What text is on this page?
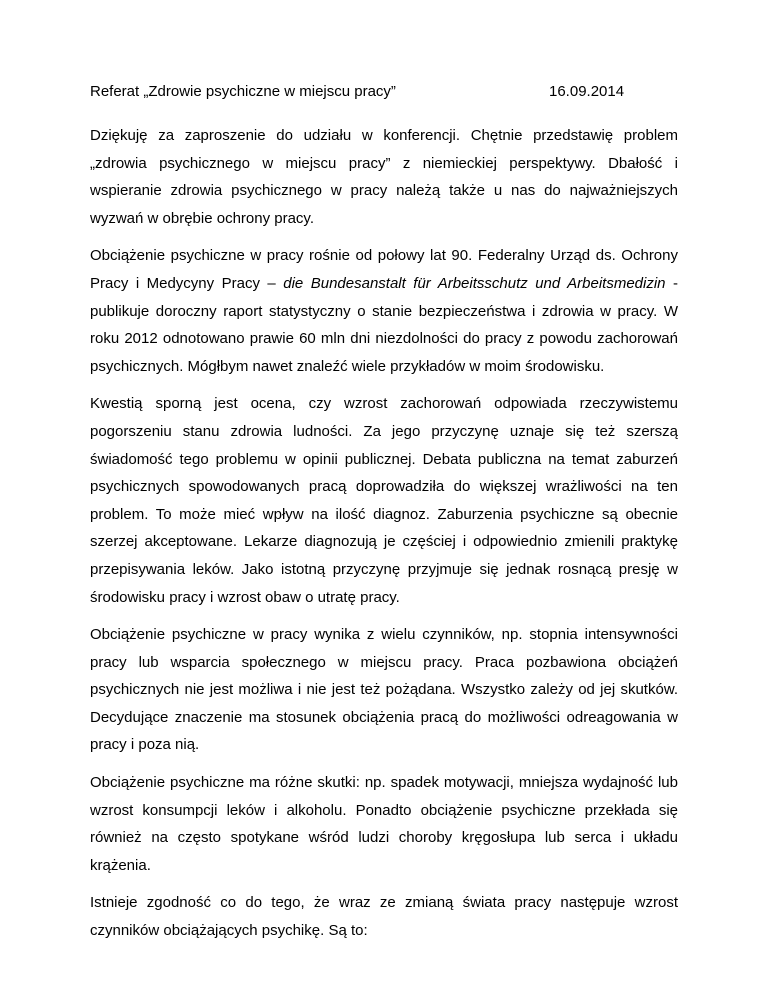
Referat „Zdrowie psychiczne w miejscu pracy”	16.09.2014

Dziękuję za zaproszenie do udziału w konferencji. Chętnie przedstawię problem „zdrowia psychicznego w miejscu pracy” z niemieckiej perspektywy. Dbałość i wspieranie zdrowia psychicznego w pracy należą także u nas do najważniejszych wyzwań w obrębie ochrony pracy.

Obciążenie psychiczne w pracy rośnie od połowy lat 90. Federalny Urząd ds. Ochrony Pracy i Medycyny Pracy – die Bundesanstalt für Arbeitsschutz und Arbeitsmedizin - publikuje doroczny raport statystyczny o stanie bezpieczeństwa i zdrowia w pracy. W roku 2012 odnotowano prawie 60 mln dni niezdolności do pracy z powodu zachorowań psychicznych. Mógłbym nawet znaleźć wiele przykładów w moim środowisku.

Kwestią sporną jest ocena, czy wzrost zachorowań odpowiada rzeczywistemu pogorszeniu stanu zdrowia ludności. Za jego przyczynę uznaje się też szerszą świadomość tego problemu w opinii publicznej. Debata publiczna na temat zaburzeń psychicznych spowodowanych pracą doprowadziła do większej wrażliwości na ten problem. To może mieć wpływ na ilość diagnoz. Zaburzenia psychiczne są obecnie szerzej akceptowane. Lekarze diagnozują je częściej i odpowiednio zmienili praktykę przepisywania leków. Jako istotną przyczynę przyjmuje się jednak rosnącą presję w środowisku pracy i wzrost obaw o utratę pracy.

Obciążenie psychiczne w pracy wynika z wielu czynników, np. stopnia intensywności pracy lub wsparcia społecznego w miejscu pracy. Praca pozbawiona obciążeń psychicznych nie jest możliwa i nie jest też pożądana. Wszystko zależy od jej skutków. Decydujące znaczenie ma stosunek obciążenia pracą do możliwości odreagowania w pracy i poza nią.

Obciążenie psychiczne ma różne skutki: np. spadek motywacji, mniejsza wydajność lub wzrost konsumpcji leków i alkoholu. Ponadto obciążenie psychiczne przekłada się również na często spotykane wśród ludzi choroby kręgosłupa lub serca i układu krążenia.

Istnieje zgodność co do tego, że wraz ze zmianą świata pracy następuje wzrost czynników obciążających psychikę. Są to:
